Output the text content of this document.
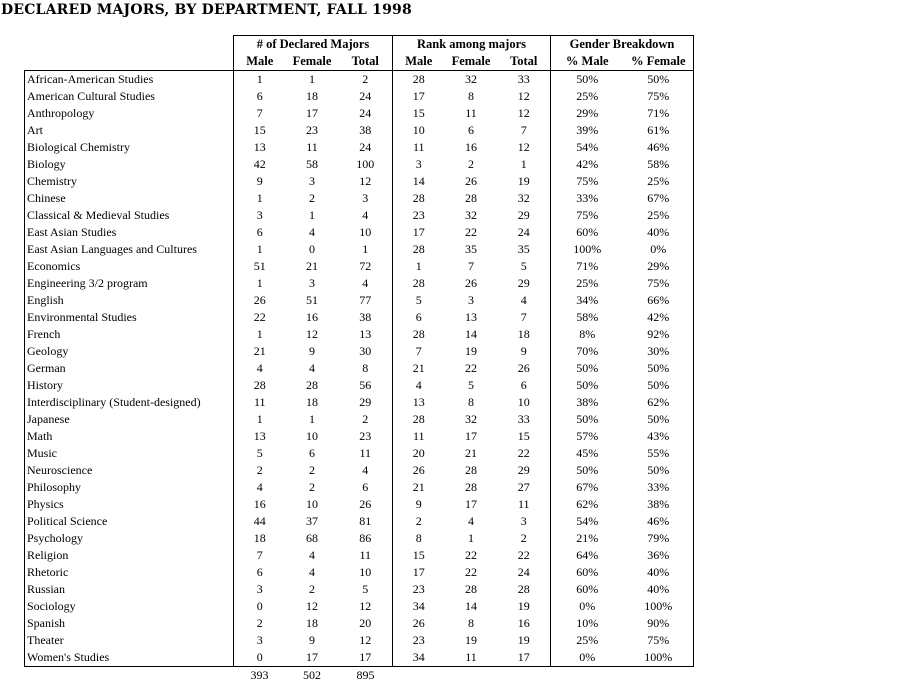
DECLARED MAJORS, BY DEPARTMENT, FALL 1998
	# of Declared Majors			Rank among majors			Gender Breakdown	
	Male	Female	Total	Male	Female	Total	% Male	% Female
African-American Studies	1	1	2	28	32	33	50%	50%
American Cultural Studies	6	18	24	17	8	12	25%	75%
Anthropology	7	17	24	15	11	12	29%	71%
Art	15	23	38	10	6	7	39%	61%
Biological Chemistry	13	11	24	11	16	12	54%	46%
Biology	42	58	100	3	2	1	42%	58%
Chemistry	9	3	12	14	26	19	75%	25%
Chinese	1	2	3	28	28	32	33%	67%
Classical & Medieval Studies	3	1	4	23	32	29	75%	25%
East Asian Studies	6	4	10	17	22	24	60%	40%
East Asian Languages and Cultures	1	0	1	28	35	35	100%	0%
Economics	51	21	72	1	7	5	71%	29%
Engineering 3/2 program	1	3	4	28	26	29	25%	75%
English	26	51	77	5	3	4	34%	66%
Environmental Studies	22	16	38	6	13	7	58%	42%
French	1	12	13	28	14	18	8%	92%
Geology	21	9	30	7	19	9	70%	30%
German	4	4	8	21	22	26	50%	50%
History	28	28	56	4	5	6	50%	50%
Interdisciplinary (Student-designed)	11	18	29	13	8	10	38%	62%
Japanese	1	1	2	28	32	33	50%	50%
Math	13	10	23	11	17	15	57%	43%
Music	5	6	11	20	21	22	45%	55%
Neuroscience	2	2	4	26	28	29	50%	50%
Philosophy	4	2	6	21	28	27	67%	33%
Physics	16	10	26	9	17	11	62%	38%
Political Science	44	37	81	2	4	3	54%	46%
Psychology	18	68	86	8	1	2	21%	79%
Religion	7	4	11	15	22	22	64%	36%
Rhetoric	6	4	10	17	22	24	60%	40%
Russian	3	2	5	23	28	28	60%	40%
Sociology	0	12	12	34	14	19	0%	100%
Spanish	2	18	20	26	8	16	10%	90%
Theater	3	9	12	23	19	19	25%	75%
Women's Studies	0	17	17	34	11	17	0%	100%
	393	502	895					
